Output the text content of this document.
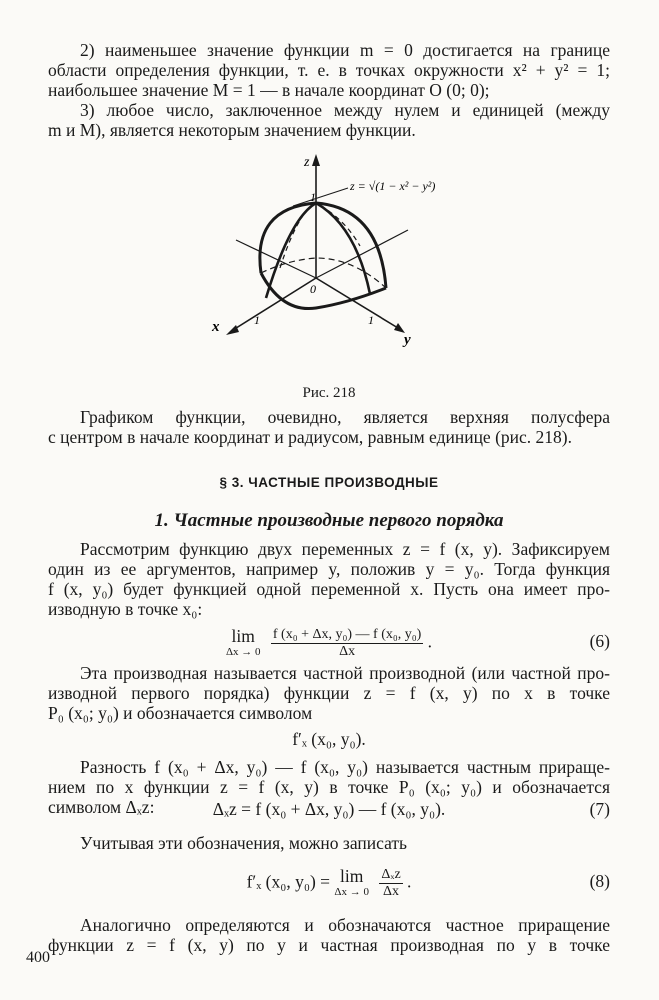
2) наименьшее значение функции m = 0 достигается на границе

области определения функции, т. е. в точках окружности x² + y² = 1;

наибольшее значение M = 1 — в начале координат O (0; 0);

3) любое число, заключенное между нулем и единицей (между

m и M), является некоторым значением функции.

z
x
y
0
1
1	1
z = √(1 − x² − y²)
Рис. 218

Графиком функции, очевидно, является верхняя полусфера

с центром в начале координат и радиусом, равным единице (рис. 218).

§ 3. ЧАСТНЫЕ ПРОИЗВОДНЫЕ
1. Частные производные первого порядка

Рассмотрим функцию двух переменных z = f (x, y). Зафиксируем

один из ее аргументов, например y, положив y = y₀. Тогда функция

f (x, y₀) будет функцией одной переменной x. Пусть она имеет про-

изводную в точке x₀:

lim
Δx → 0
$\frac{\text{f (x₀ + Δx, y₀) — f (x₀, y₀)}}{\Delta x}$ .	(6)

Эта производная называется частной производной (или частной про-

изводной первого порядка) функции z = f (x, y) по x в точке

P₀ (x₀; y₀) и обозначается символом

f′ₓ (x₀, y₀).

Разность f (x₀ + Δx, y₀) — f (x₀, y₀) называется частным прираще-

нием по x функции z = f (x, y) в точке P₀ (x₀; y₀) и обозначается

символом Δₓz:	Δₓz = f (x₀ + Δx, y₀) — f (x₀, y₀).	(7)

Учитывая эти обозначения, можно записать

f′ₓ (x₀, y₀) = lim
Δx → 0
$\frac{\text{Δₓz}}{\Delta x}$ .	(8)

Аналогично определяются и обозначаются частное приращение

функции z = f (x, y) по y и частная производная по y в точке

400
